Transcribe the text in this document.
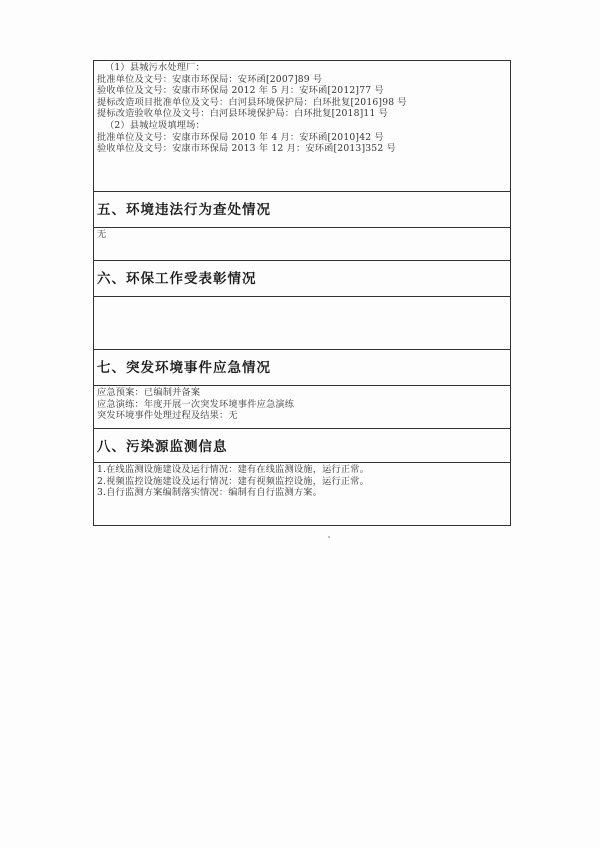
（1）县城污水处理厂：
批准单位及文号：安康市环保局：安环函[2007]89 号
验收单位及文号：安康市环保局 2012 年 5 月：安环函[2012]77 号
提标改造项目批准单位及文号：白河县环境保护局：白环批复[2016]98 号
提标改造验收单位及文号：白河县环境保护局：白环批复[2018]11 号
（2）县城垃圾填埋场：
批准单位及文号：安康市环保局 2010 年 4 月：安环函[2010]42 号
验收单位及文号：安康市环保局 2013 年 12 月：安环函[2013]352 号

五、环境违法行为查处情况

无

六、环保工作受表彰情况

七、突发环境事件应急情况

应急预案：已编制并备案
应急演练：年度开展一次突发环境事件应急演练
突发环境事件处理过程及结果：无

八、污染源监测信息

1.在线监测设施建设及运行情况：建有在线监测设施，运行正常。
2.视频监控设施建设及运行情况：建有视频监控设施，运行正常。
3.自行监测方案编制落实情况：编制有自行监测方案。
